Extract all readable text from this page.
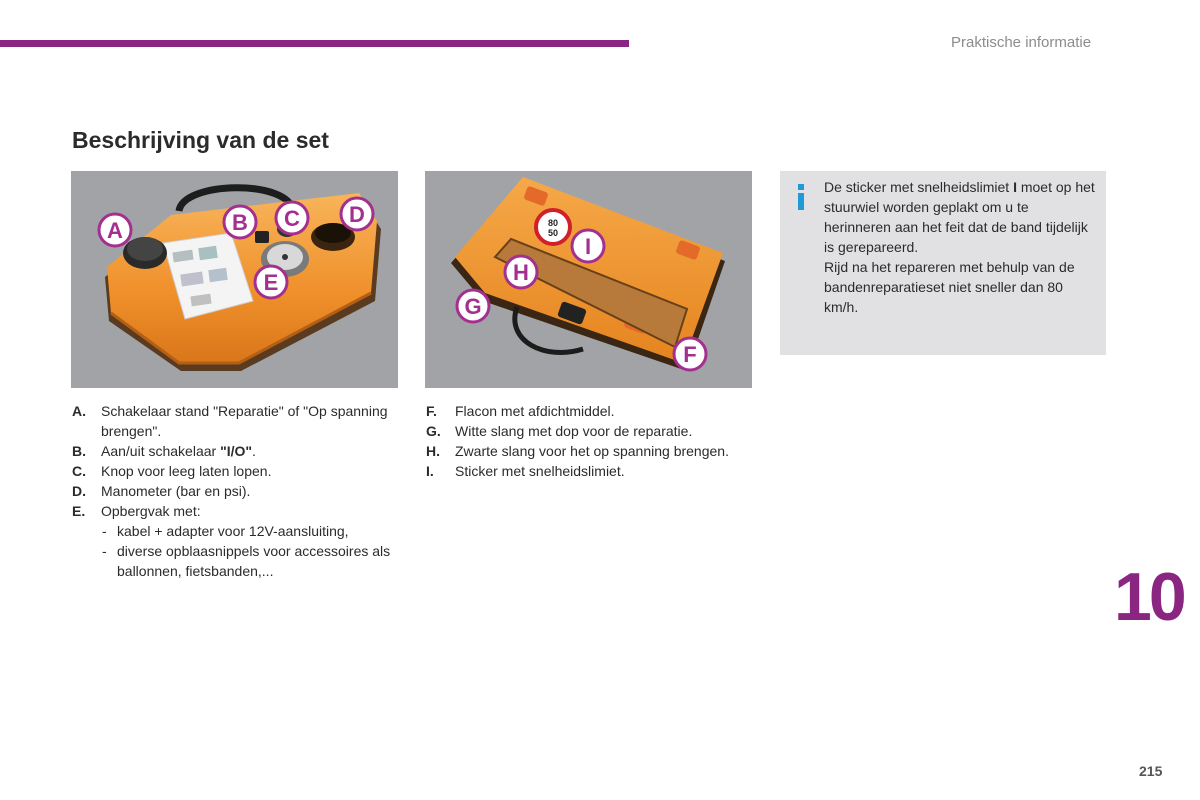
Praktische informatie
Beschrijving van de set
A	B C D
E
80
50
F
G
H
I

De sticker met snelheidslimiet I moet op het stuurwiel worden geplakt om u te herinneren aan het feit dat de band tijdelijk is gerepareerd.

Rijd na het repareren met behulp van de bandenreparatieset niet sneller dan 80 km/h.

A. Schakelaar stand "Reparatie" of "Op spanning brengen".
B. Aan/uit schakelaar "I/O".
C. Knop voor leeg laten lopen.
D. Manometer (bar en psi).
E. Opbergvak met:
- kabel + adapter voor 12V-aansluiting,
- diverse opblaasnippels voor accessoires als ballonnen, fietsbanden,...
F. Flacon met afdichtmiddel.
G. Witte slang met dop voor de reparatie.
H. Zwarte slang voor het op spanning brengen.
I. Sticker met snelheidslimiet.
10
215
